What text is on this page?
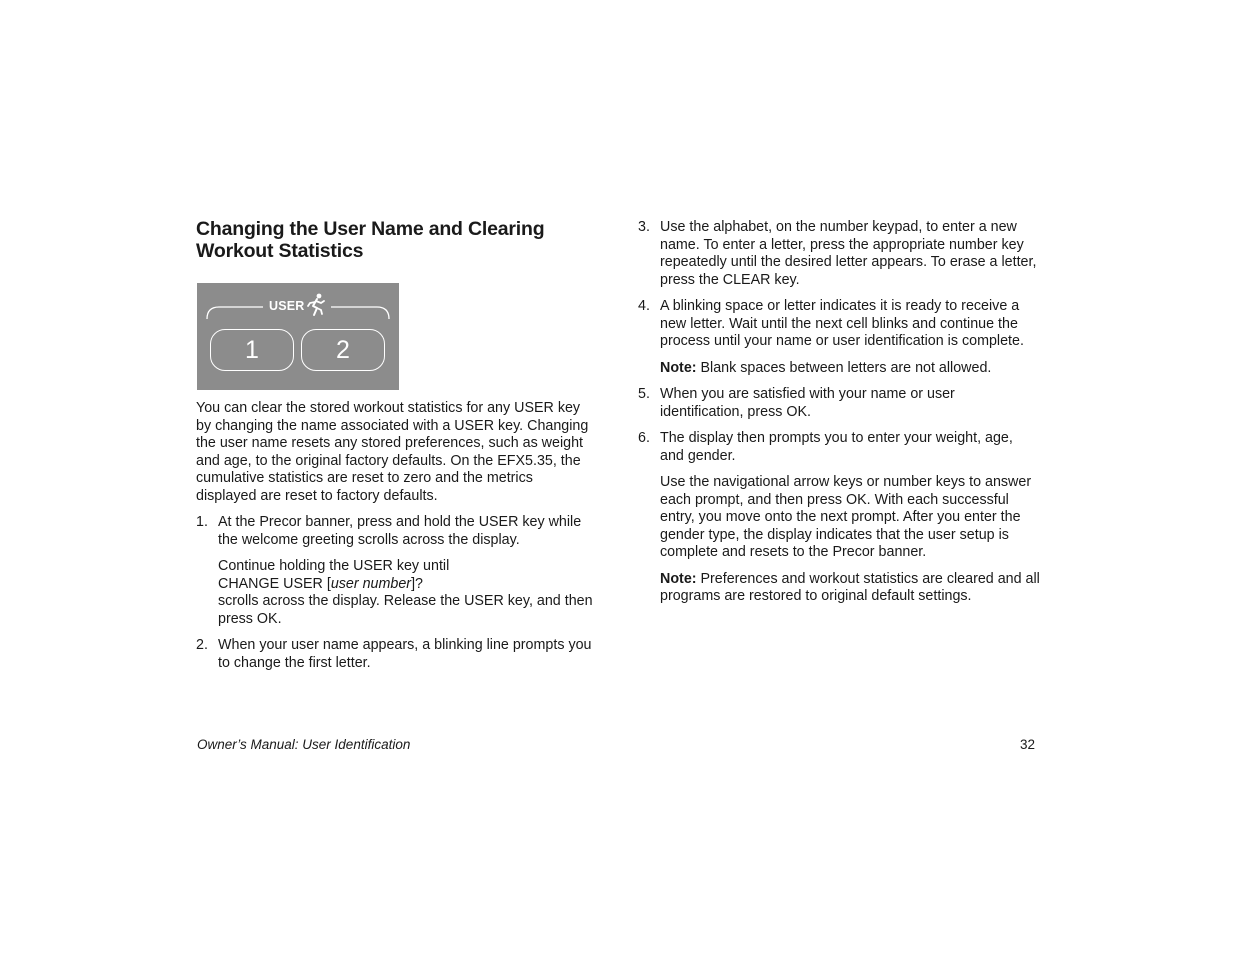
Changing the User Name and Clearing Workout Statistics
USER
1	2

You can clear the stored workout statistics for any USER key by changing the name associated with a USER key. Changing the user name resets any stored preferences, such as weight and age, to the original factory defaults. On the EFX5.35, the cumulative statistics are reset to zero and the metrics displayed are reset to factory defaults.

1. At the Precor banner, press and hold the USER key while the welcome greeting scrolls across the display.

Continue holding the USER key until
CHANGE USER [user number]?
scrolls across the display. Release the USER key, and then press OK.
2. When your user name appears, a blinking line prompts you to change the first letter.

3. Use the alphabet, on the number keypad, to enter a new name. To enter a letter, press the appropriate number key repeatedly until the desired letter appears. To erase a letter, press the CLEAR key.

4. A blinking space or letter indicates it is ready to receive a new letter. Wait until the next cell blinks and continue the process until your name or user identification is complete.

Note: Blank spaces between letters are not allowed.

5. When you are satisfied with your name or user identification, press OK.

6. The display then prompts you to enter your weight, age, and gender.

Use the navigational arrow keys or number keys to answer each prompt, and then press OK. With each successful entry, you move onto the next prompt. After you enter the gender type, the display indicates that the user setup is complete and resets to the Precor banner.

Note: Preferences and workout statistics are cleared and all programs are restored to original default settings.

Owner’s Manual: User Identification	32
